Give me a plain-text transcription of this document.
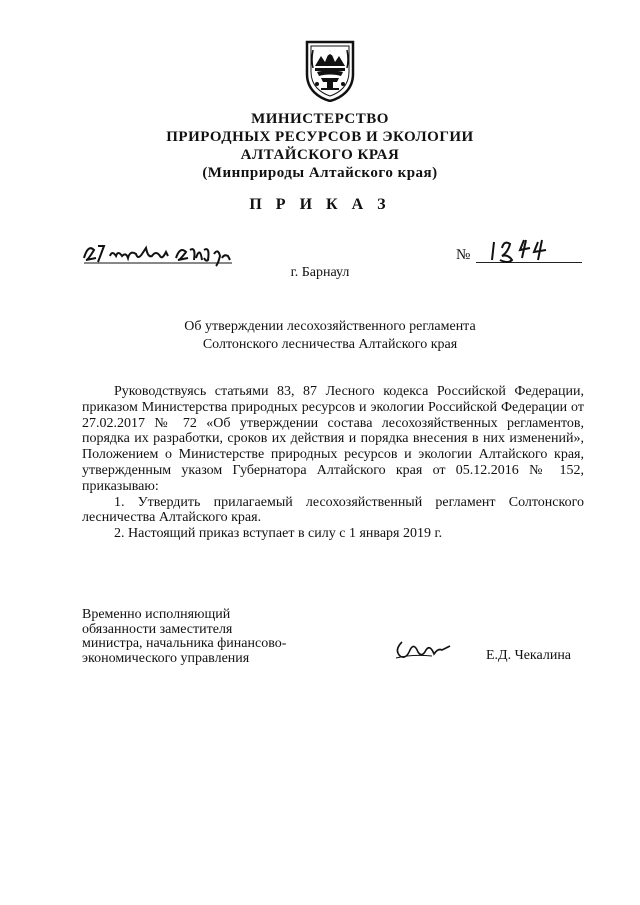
МИНИСТЕРСТВО
ПРИРОДНЫХ РЕСУРСОВ И ЭКОЛОГИИ
АЛТАЙСКОГО КРАЯ
(Минприроды Алтайского края)
П Р И К А З
№
г. Барнаул
Об утверждении лесохозяйственного регламента
Солтонского лесничества Алтайского края

Руководствуясь статьями 83, 87 Лесного кодекса Российской Федерации, приказом Министерства природных ресурсов и экологии Российской Федерации от 27.02.2017 № 72 «Об утверждении состава лесохозяйственных регламентов, порядка их разработки, сроков их действия и порядка внесения в них изменений», Положением о Министерстве природных ресурсов и экологии Алтайского края, утвержденным указом Губернатора Алтайского края от 05.12.2016 № 152, приказываю:

1. Утвердить прилагаемый лесохозяйственный регламент Солтонского лесничества Алтайского края.

2. Настоящий приказ вступает в силу с 1 января 2019 г.

Временно исполняющий
обязанности заместителя
министра, начальника финансово-
экономического управления	Е.Д. Чекалина
